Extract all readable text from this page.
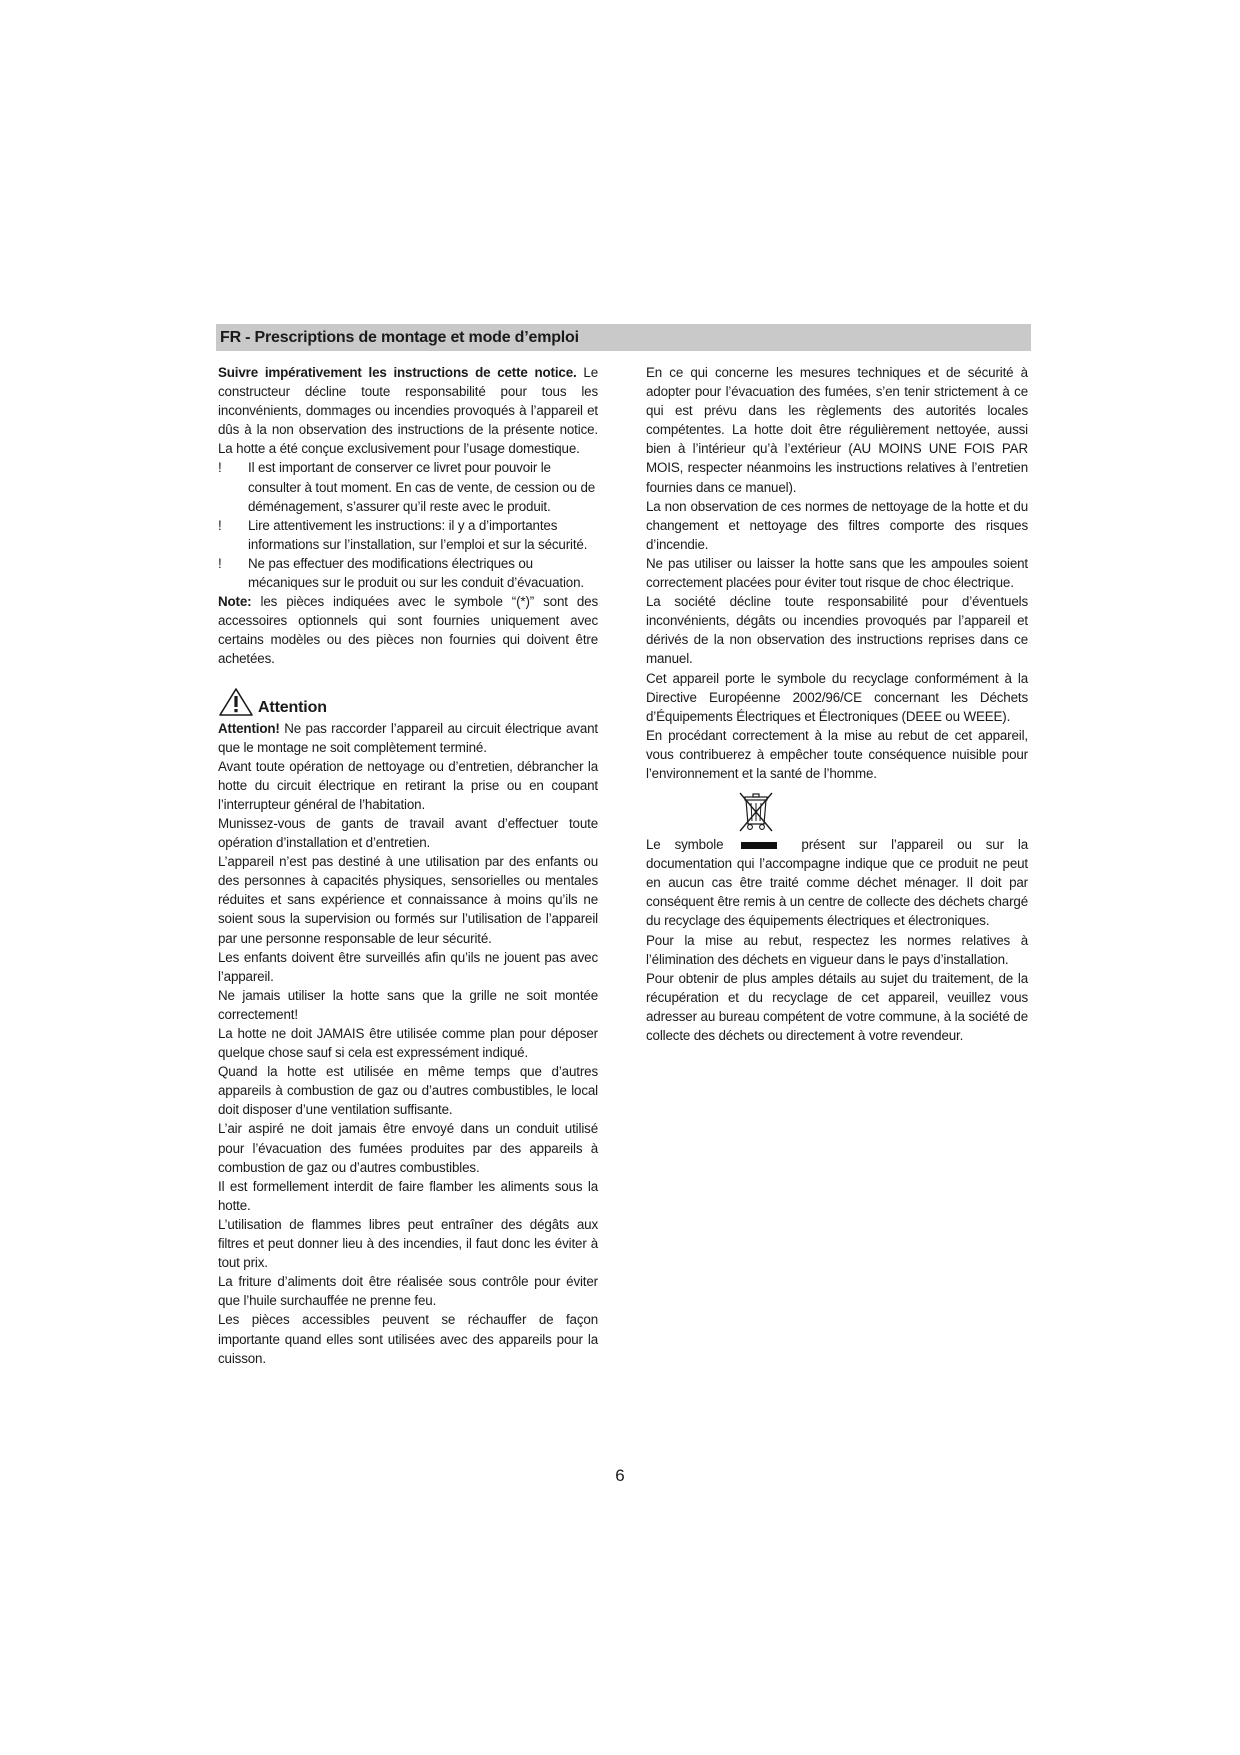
FR - Prescriptions de montage et mode d’emploi

Suivre impérativement les instructions de cette notice. Le constructeur décline toute responsabilité pour tous les inconvénients, dommages ou incendies provoqués à l’appareil et dûs à la non observation des instructions de la présente notice. La hotte a été conçue exclusivement pour l’usage domestique.

!	Il est important de conserver ce livret pour pouvoir le consulter à tout moment. En cas de vente, de cession ou de déménagement, s’assurer qu’il reste avec le produit.
!	Lire attentivement les instructions: il y a d’importantes informations sur l’installation, sur l’emploi et sur la sécurité.
!	Ne pas effectuer des modifications électriques ou mécaniques sur le produit ou sur les conduit d’évacuation.

Note: les pièces indiquées avec le symbole “(*)” sont des accessoires optionnels qui sont fournies uniquement avec certains modèles ou des pièces non fournies qui doivent être achetées.

Attention

Attention! Ne pas raccorder l’appareil au circuit électrique avant que le montage ne soit complètement terminé.

Avant toute opération de nettoyage ou d’entretien, débrancher la hotte du circuit électrique en retirant la prise ou en coupant l’interrupteur général de l’habitation.

Munissez-vous de gants de travail avant d’effectuer toute opération d’installation et d’entretien.

L’appareil n’est pas destiné à une utilisation par des enfants ou des personnes à capacités physiques, sensorielles ou mentales réduites et sans expérience et connaissance à moins qu’ils ne soient sous la supervision ou formés sur l’utilisation de l’appareil par une personne responsable de leur sécurité.

Les enfants doivent être surveillés afin qu’ils ne jouent pas avec l’appareil.

Ne jamais utiliser la hotte sans que la grille ne soit montée correctement!

La hotte ne doit JAMAIS être utilisée comme plan pour déposer quelque chose sauf si cela est expressément indiqué.

Quand la hotte est utilisée en même temps que d’autres appareils à combustion de gaz ou d’autres combustibles, le local doit disposer d’une ventilation suffisante.

L’air aspiré ne doit jamais être envoyé dans un conduit utilisé pour l’évacuation des fumées produites par des appareils à combustion de gaz ou d’autres combustibles.

Il est formellement interdit de faire flamber les aliments sous la hotte.

L’utilisation de flammes libres peut entraîner des dégâts aux filtres et peut donner lieu à des incendies, il faut donc les éviter à tout prix.

La friture d’aliments doit être réalisée sous contrôle pour éviter que l’huile surchauffée ne prenne feu.

Les pièces accessibles peuvent se réchauffer de façon importante quand elles sont utilisées avec des appareils pour la cuisson.

En ce qui concerne les mesures techniques et de sécurité à adopter pour l’évacuation des fumées, s’en tenir strictement à ce qui est prévu dans les règlements des autorités locales compétentes. La hotte doit être régulièrement nettoyée, aussi bien à l’intérieur qu’à l’extérieur (AU MOINS UNE FOIS PAR MOIS, respecter néanmoins les instructions relatives à l’entretien fournies dans ce manuel).

La non observation de ces normes de nettoyage de la hotte et du changement et nettoyage des filtres comporte des risques d’incendie.

Ne pas utiliser ou laisser la hotte sans que les ampoules soient correctement placées pour éviter tout risque de choc électrique.

La société décline toute responsabilité pour d’éventuels inconvénients, dégâts ou incendies provoqués par l’appareil et dérivés de la non observation des instructions reprises dans ce manuel.

Cet appareil porte le symbole du recyclage conformément à la Directive Européenne 2002/96/CE concernant les Déchets d’Équipements Électriques et Électroniques (DEEE ou WEEE).

En procédant correctement à la mise au rebut de cet appareil, vous contribuerez à empêcher toute conséquence nuisible pour l’environnement et la santé de l’homme.

Le symbole	présent sur l’appareil ou sur la documentation qui l’accompagne indique que ce produit ne peut en aucun cas être traité comme déchet ménager. Il doit par conséquent être remis à un centre de collecte des déchets chargé du recyclage des équipements électriques et électroniques.

Pour la mise au rebut, respectez les normes relatives à l’élimination des déchets en vigueur dans le pays d’installation.

Pour obtenir de plus amples détails au sujet du traitement, de la récupération et du recyclage de cet appareil, veuillez vous adresser au bureau compétent de votre commune, à la société de collecte des déchets ou directement à votre revendeur.

6
